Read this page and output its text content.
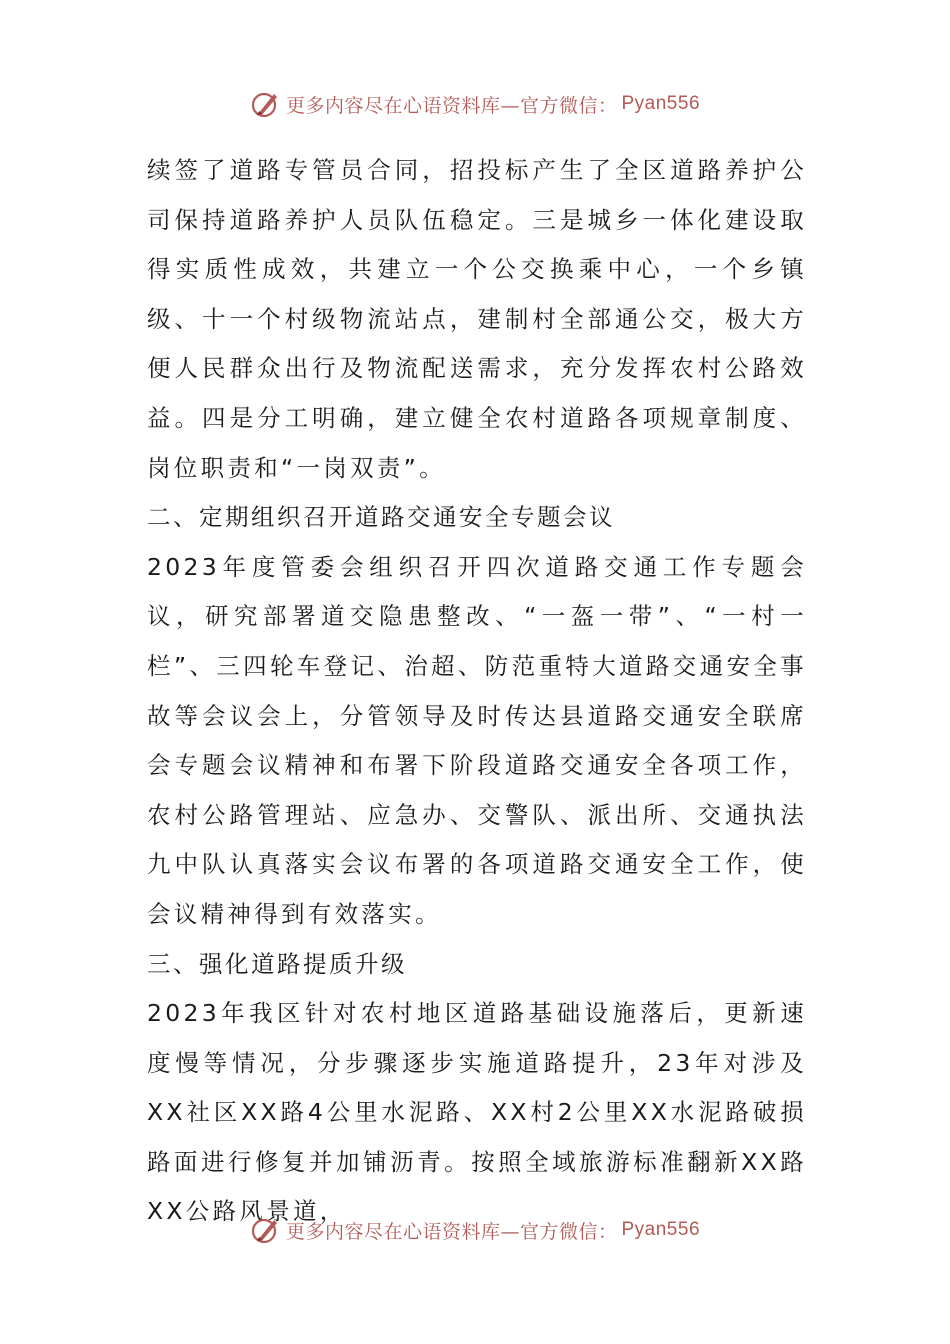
更多内容尽在心语资料库—官方微信： Pyan556

续签了道路专管员合同，招投标产生了全区道路养护公司保持道路养护人员队伍稳定。三是城乡一体化建设取得实质性成效，共建立一个公交换乘中心，一个乡镇级、十一个村级物流站点，建制村全部通公交，极大方便人民群众出行及物流配送需求，充分发挥农村公路效益。四是分工明确，建立健全农村道路各项规章制度、岗位职责和“一岗双责”。

二、定期组织召开道路交通安全专题会议

2023年度管委会组织召开四次道路交通工作专题会议，研究部署道交隐患整改、“一盔一带”、“一村一栏”、三四轮车登记、治超、防范重特大道路交通安全事故等会议会上，分管领导及时传达县道路交通安全联席会专题会议精神和布署下阶段道路交通安全各项工作，农村公路管理站、应急办、交警队、派出所、交通执法九中队认真落实会议布署的各项道路交通安全工作，使会议精神得到有效落实。

三、强化道路提质升级

2023年我区针对农村地区道路基础设施落后，更新速度慢等情况，分步骤逐步实施道路提升，23年对涉及XX社区XX路4公里水泥路、XX村2公里XX水泥路破损路面进行修复并加铺沥青。按照全域旅游标准翻新XX路XX公路风景道，

更多内容尽在心语资料库—官方微信： Pyan556
